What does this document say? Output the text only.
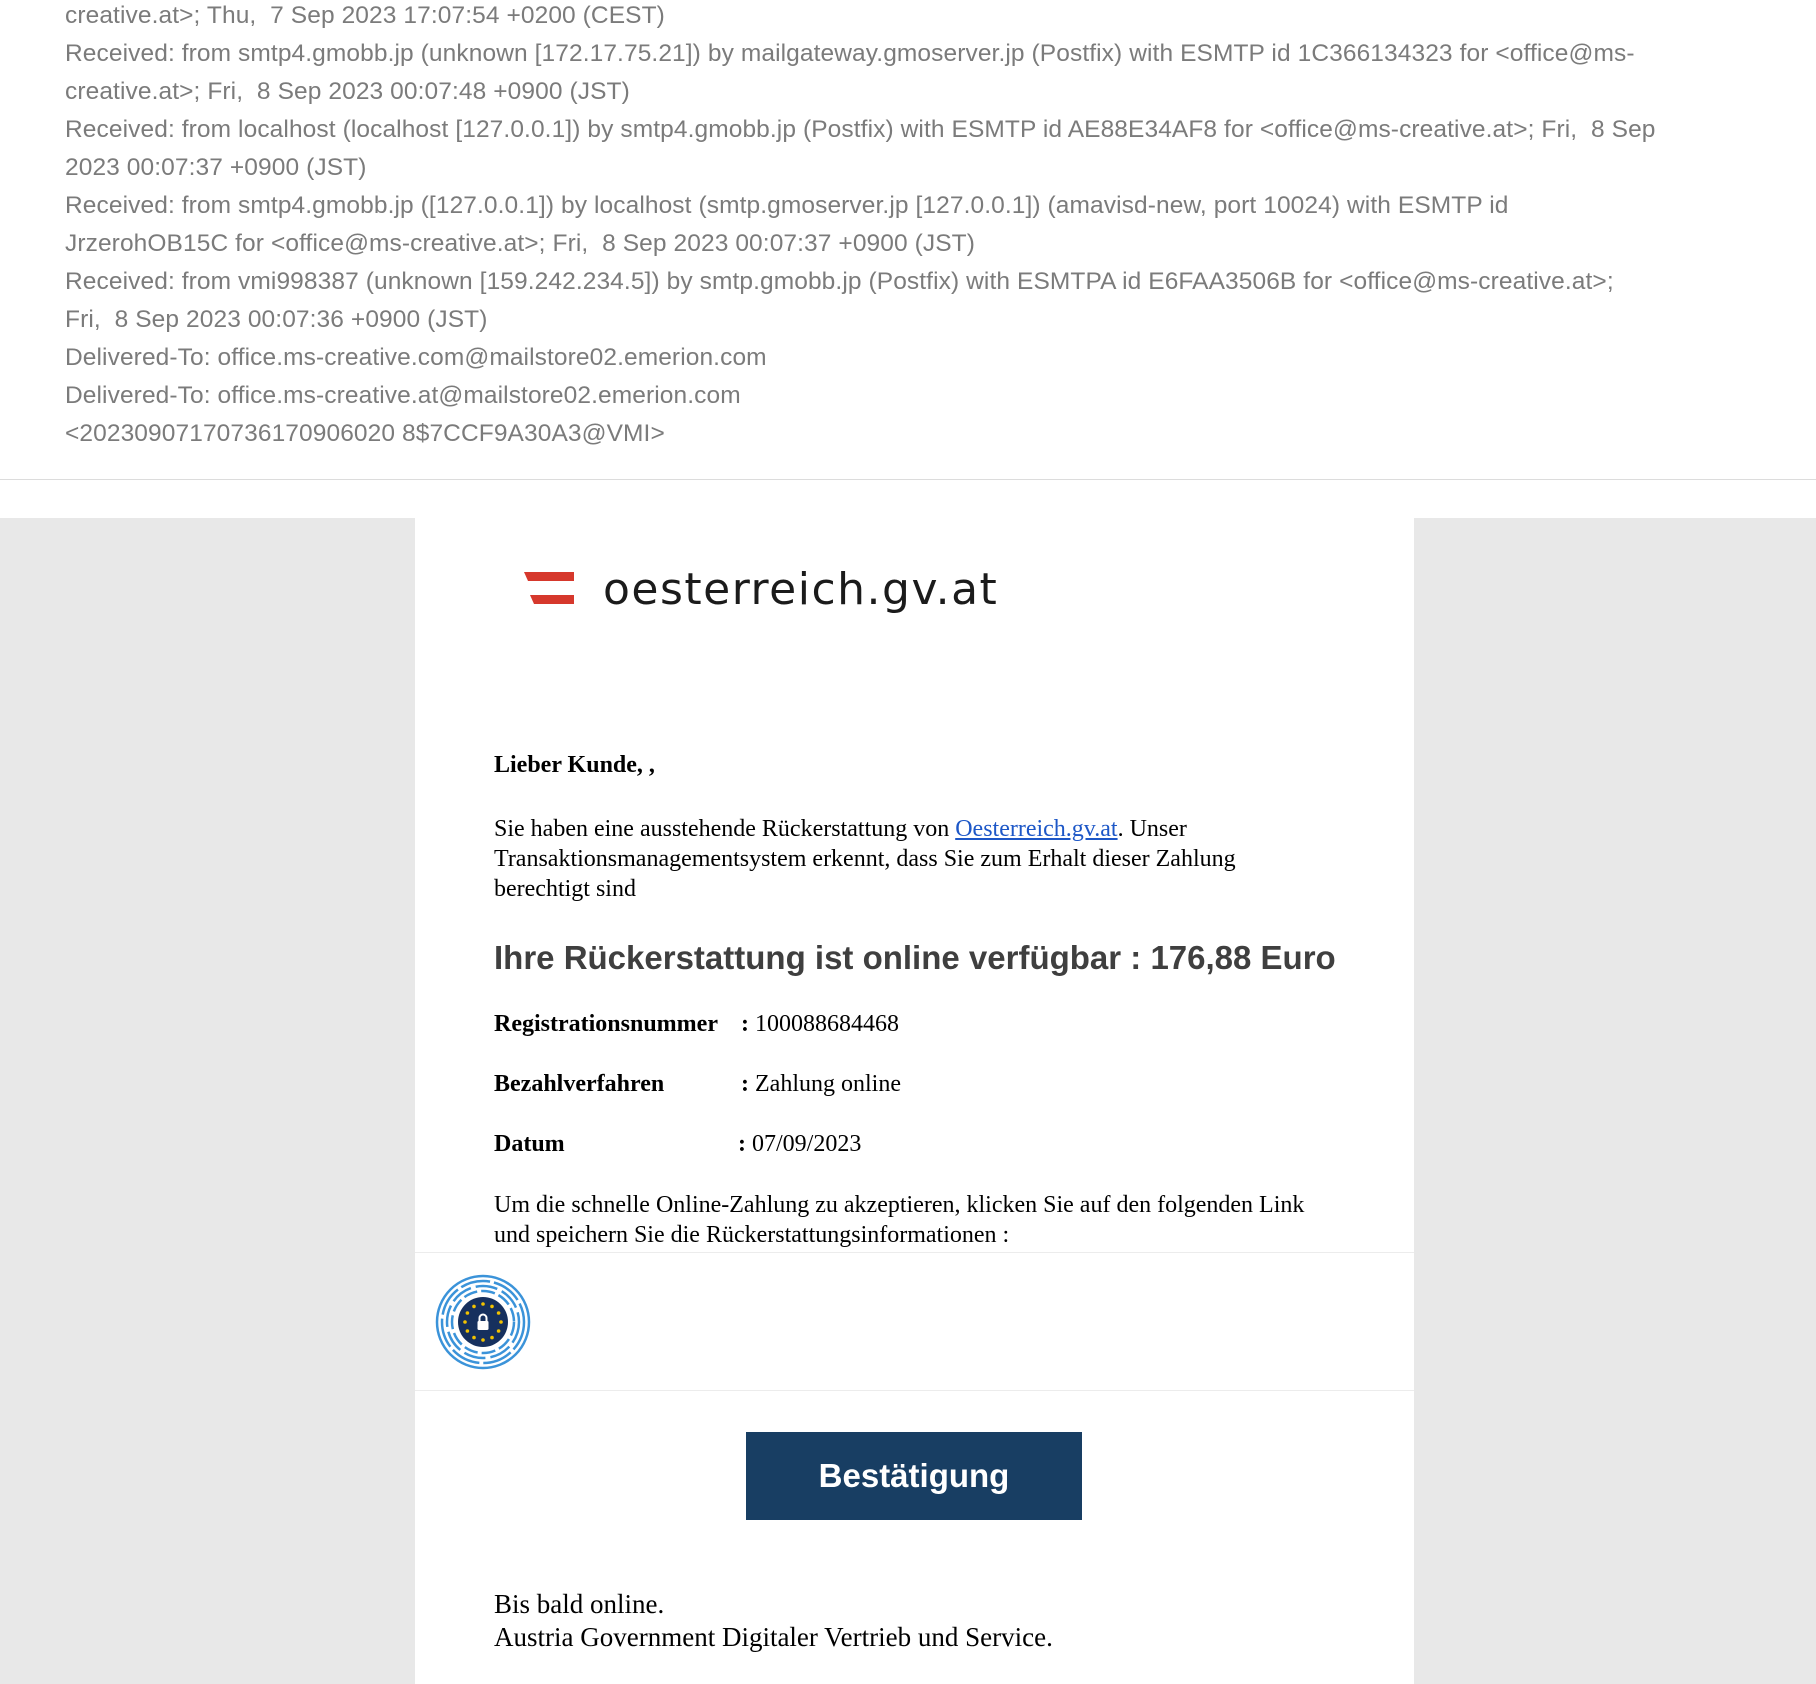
creative.at>; Thu,  7 Sep 2023 17:07:54 +0200 (CEST)
Received: from smtp4.gmobb.jp (unknown [172.17.75.21]) by mailgateway.gmoserver.jp (Postfix) with ESMTP id 1C366134323 for <office@ms-
creative.at>; Fri,  8 Sep 2023 00:07:48 +0900 (JST)
Received: from localhost (localhost [127.0.0.1]) by smtp4.gmobb.jp (Postfix) with ESMTP id AE88E34AF8 for <office@ms-creative.at>; Fri,  8 Sep
2023 00:07:37 +0900 (JST)
Received: from smtp4.gmobb.jp ([127.0.0.1]) by localhost (smtp.gmoserver.jp [127.0.0.1]) (amavisd-new, port 10024) with ESMTP id
JrzerohOB15C for <office@ms-creative.at>; Fri,  8 Sep 2023 00:07:37 +0900 (JST)
Received: from vmi998387 (unknown [159.242.234.5]) by smtp.gmobb.jp (Postfix) with ESMTPA id E6FAA3506B for <office@ms-creative.at>;
Fri,  8 Sep 2023 00:07:36 +0900 (JST)
Delivered-To: office.ms-creative.com@mailstore02.emerion.com
Delivered-To: office.ms-creative.at@mailstore02.emerion.com
<20230907170736170906020 8$7CCF9A30A3@VMI>
oesterreich.gv.at
Lieber Kunde, ,
Sie haben eine ausstehende Rückerstattung von Oesterreich.gv.at. Unser Transaktionsmanagementsystem erkennt, dass Sie zum Erhalt dieser Zahlung berechtigt sind
Ihre Rückerstattung ist online verfügbar : 176,88 Euro
Registrationsnummer : 100088684468
Bezahlverfahren	: Zahlung online
Datum	: 07/09/2023
Um die schnelle Online-Zahlung zu akzeptieren, klicken Sie auf den folgenden Link und speichern Sie die Rückerstattungsinformationen :
Bestätigung
Bis bald online.
Austria Government Digitaler Vertrieb und Service.
